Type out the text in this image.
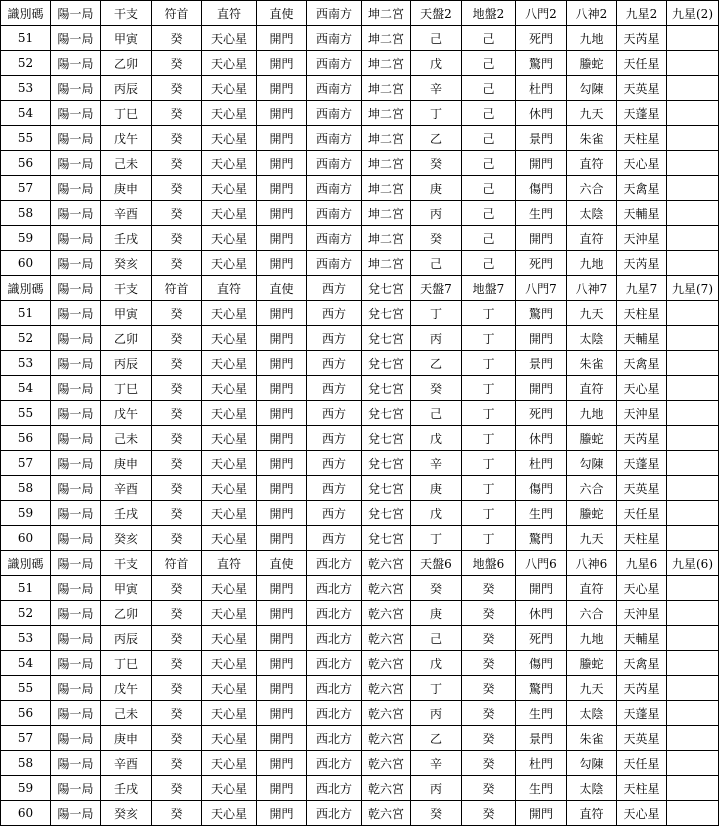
識別碼	陽一局	干支	符首	直符	直使	西南方	坤二宮	天盤2	地盤2	八門2	八神2	九星2	九星(2)
51	陽一局	甲寅	癸	天心星	開門	西南方	坤二宮	己	己	死門	九地	天芮星	
52	陽一局	乙卯	癸	天心星	開門	西南方	坤二宮	戊	己	驚門	螣蛇	天任星	
53	陽一局	丙辰	癸	天心星	開門	西南方	坤二宮	辛	己	杜門	勾陳	天英星	
54	陽一局	丁巳	癸	天心星	開門	西南方	坤二宮	丁	己	休門	九天	天蓬星	
55	陽一局	戊午	癸	天心星	開門	西南方	坤二宮	乙	己	景門	朱雀	天柱星	
56	陽一局	己未	癸	天心星	開門	西南方	坤二宮	癸	己	開門	直符	天心星	
57	陽一局	庚申	癸	天心星	開門	西南方	坤二宮	庚	己	傷門	六合	天禽星	
58	陽一局	辛酉	癸	天心星	開門	西南方	坤二宮	丙	己	生門	太陰	天輔星	
59	陽一局	壬戌	癸	天心星	開門	西南方	坤二宮	癸	己	開門	直符	天沖星	
60	陽一局	癸亥	癸	天心星	開門	西南方	坤二宮	己	己	死門	九地	天芮星	
識別碼	陽一局	干支	符首	直符	直使	西方	兌七宮	天盤7	地盤7	八門7	八神7	九星7	九星(7)
51	陽一局	甲寅	癸	天心星	開門	西方	兌七宮	丁	丁	驚門	九天	天柱星	
52	陽一局	乙卯	癸	天心星	開門	西方	兌七宮	丙	丁	開門	太陰	天輔星	
53	陽一局	丙辰	癸	天心星	開門	西方	兌七宮	乙	丁	景門	朱雀	天禽星	
54	陽一局	丁巳	癸	天心星	開門	西方	兌七宮	癸	丁	開門	直符	天心星	
55	陽一局	戊午	癸	天心星	開門	西方	兌七宮	己	丁	死門	九地	天沖星	
56	陽一局	己未	癸	天心星	開門	西方	兌七宮	戊	丁	休門	螣蛇	天芮星	
57	陽一局	庚申	癸	天心星	開門	西方	兌七宮	辛	丁	杜門	勾陳	天蓬星	
58	陽一局	辛酉	癸	天心星	開門	西方	兌七宮	庚	丁	傷門	六合	天英星	
59	陽一局	壬戌	癸	天心星	開門	西方	兌七宮	戊	丁	生門	螣蛇	天任星	
60	陽一局	癸亥	癸	天心星	開門	西方	兌七宮	丁	丁	驚門	九天	天柱星	
識別碼	陽一局	干支	符首	直符	直使	西北方	乾六宮	天盤6	地盤6	八門6	八神6	九星6	九星(6)
51	陽一局	甲寅	癸	天心星	開門	西北方	乾六宮	癸	癸	開門	直符	天心星	
52	陽一局	乙卯	癸	天心星	開門	西北方	乾六宮	庚	癸	休門	六合	天沖星	
53	陽一局	丙辰	癸	天心星	開門	西北方	乾六宮	己	癸	死門	九地	天輔星	
54	陽一局	丁巳	癸	天心星	開門	西北方	乾六宮	戊	癸	傷門	螣蛇	天禽星	
55	陽一局	戊午	癸	天心星	開門	西北方	乾六宮	丁	癸	驚門	九天	天芮星	
56	陽一局	己未	癸	天心星	開門	西北方	乾六宮	丙	癸	生門	太陰	天蓬星	
57	陽一局	庚申	癸	天心星	開門	西北方	乾六宮	乙	癸	景門	朱雀	天英星	
58	陽一局	辛酉	癸	天心星	開門	西北方	乾六宮	辛	癸	杜門	勾陳	天任星	
59	陽一局	壬戌	癸	天心星	開門	西北方	乾六宮	丙	癸	生門	太陰	天柱星	
60	陽一局	癸亥	癸	天心星	開門	西北方	乾六宮	癸	癸	開門	直符	天心星	
